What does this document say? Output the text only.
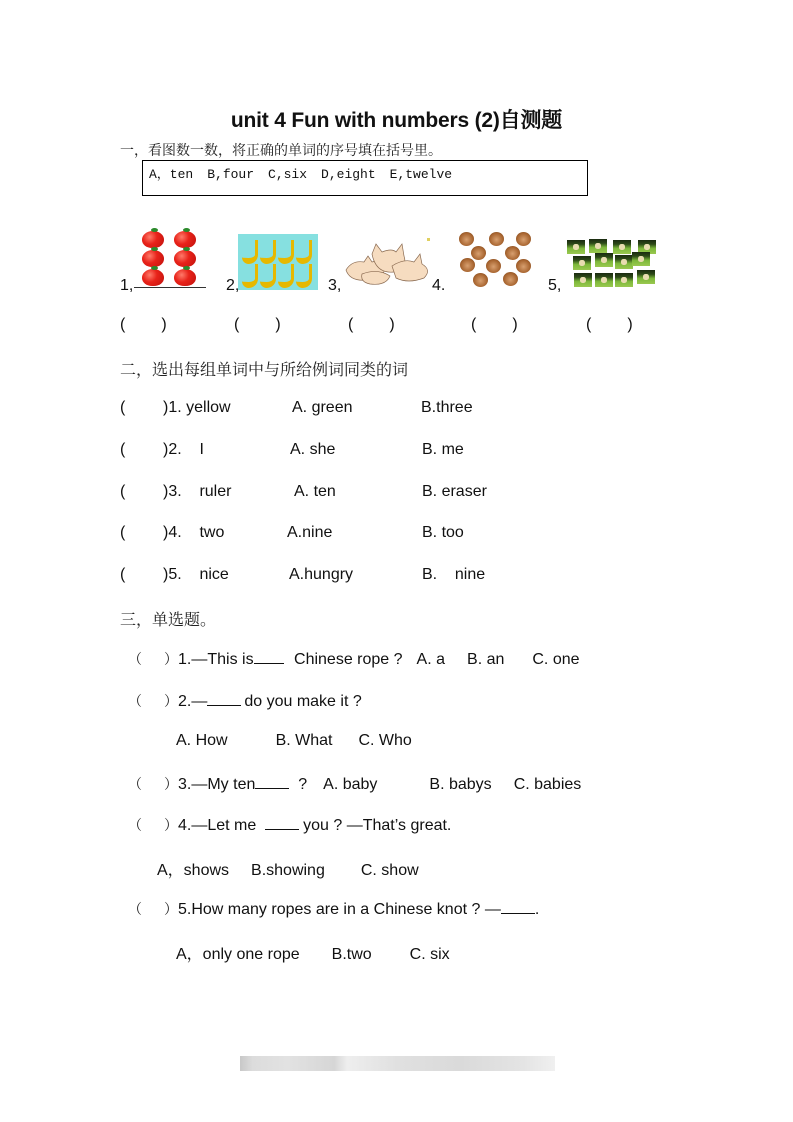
unit 4 Fun with numbers (2)自测题
一，看图数一数，将正确的单词的序号填在括号里。
A，ten B,four C,six D,eight E,twelve
1,	2,	3,	4.	5,
( )	( )	( )	( )	( )
二，选出每组单词中与所给例词同类的词
( )1. yellow	A. green	B.three
( )2.    I	A. she	B. me
( )3.    ruler	A. ten	B. eraser
( )4.    two	A.nine	B. too
( )5.    nice	A.hungry	B.    nine
三，单选题。
（ ）1.—This is Chinese rope ? A. a B. an C. one
（ ）2.— do you make it ?
A. How	B. What C. Who
（ ）3.—My ten  ? A. baby	B. babys C. babies
（ ）4.—Let me  you ? —That’s great.
A，shows B.showing C. show
（ ）5.How many ropes are in a Chinese knot ? — .
A，only one rope B.two C. six
